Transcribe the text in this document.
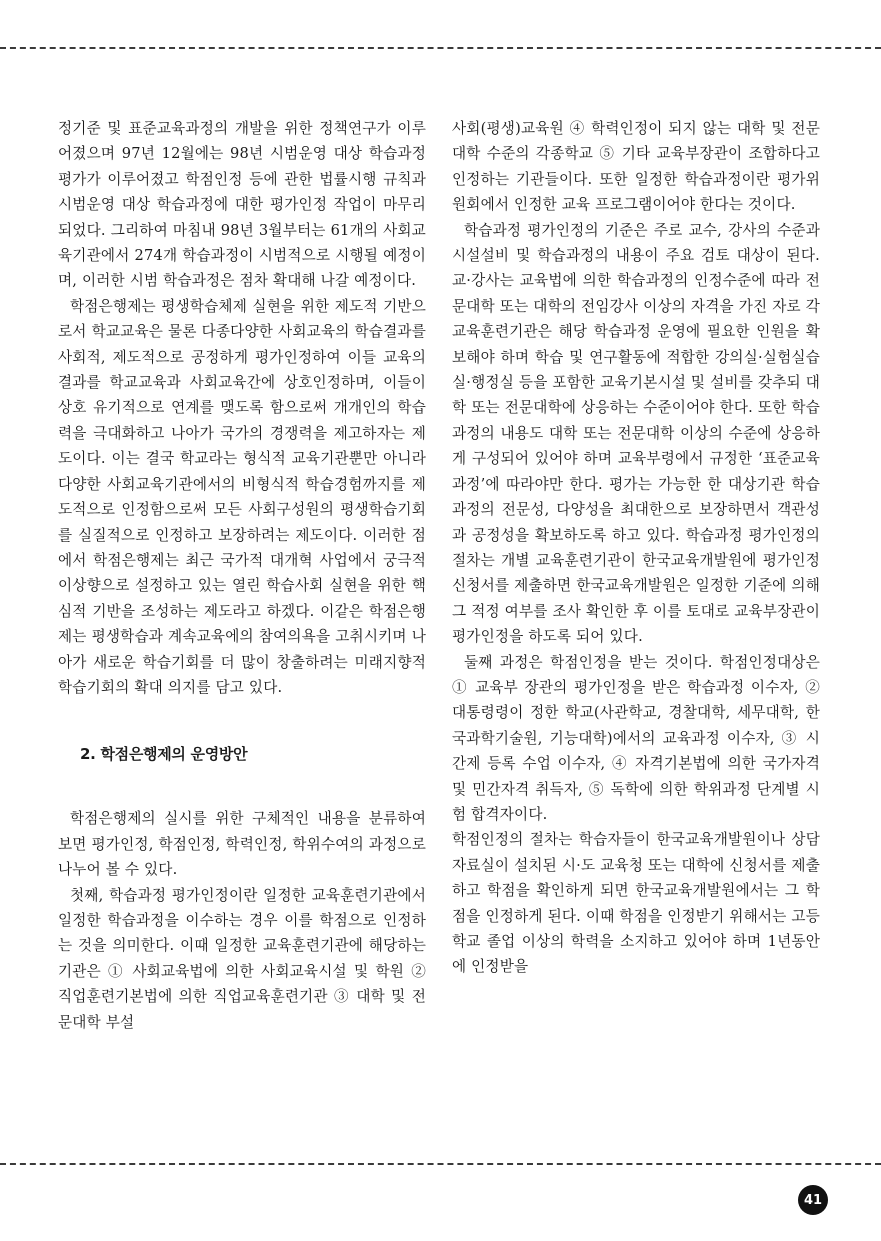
정기준 및 표준교육과정의 개발을 위한 정책연구가 이루어졌으며 97년 12월에는 98년 시범운영 대상 학습과정 평가가 이루어졌고 학점인정 등에 관한 법률시행 규칙과 시범운영 대상 학습과정에 대한 평가인정 작업이 마무리되었다. 그리하여 마침내 98년 3월부터는 61개의 사회교육기관에서 274개 학습과정이 시범적으로 시행될 예정이며, 이러한 시범 학습과정은 점차 확대해 나갈 예정이다.

학점은행제는 평생학습체제 실현을 위한 제도적 기반으로서 학교교육은 물론 다종다양한 사회교육의 학습결과를 사회적, 제도적으로 공정하게 평가인정하여 이들 교육의 결과를 학교교육과 사회교육간에 상호인정하며, 이들이 상호 유기적으로 연계를 맺도록 함으로써 개개인의 학습력을 극대화하고 나아가 국가의 경쟁력을 제고하자는 제도이다. 이는 결국 학교라는 형식적 교육기관뿐만 아니라 다양한 사회교육기관에서의 비형식적 학습경험까지를 제도적으로 인정함으로써 모든 사회구성원의 평생학습기회를 실질적으로 인정하고 보장하려는 제도이다. 이러한 점에서 학점은행제는 최근 국가적 대개혁 사업에서 궁극적 이상향으로 설정하고 있는 열린 학습사회 실현을 위한 핵심적 기반을 조성하는 제도라고 하겠다. 이같은 학점은행제는 평생학습과 계속교육에의 참여의욕을 고취시키며 나아가 새로운 학습기회를 더 많이 창출하려는 미래지향적 학습기회의 확대 의지를 담고 있다.

2. 학점은행제의 운영방안

학점은행제의 실시를 위한 구체적인 내용을 분류하여 보면 평가인정, 학점인정, 학력인정, 학위수여의 과정으로 나누어 볼 수 있다.

첫째, 학습과정 평가인정이란 일정한 교육훈련기관에서 일정한 학습과정을 이수하는 경우 이를 학점으로 인정하는 것을 의미한다. 이때 일정한 교육훈련기관에 해당하는 기관은 ① 사회교육법에 의한 사회교육시설 및 학원 ② 직업훈련기본법에 의한 직업교육훈련기관 ③ 대학 및 전문대학 부설

사회(평생)교육원 ④ 학력인정이 되지 않는 대학 및 전문대학 수준의 각종학교 ⑤ 기타 교육부장관이 조합하다고 인정하는 기관들이다. 또한 일정한 학습과정이란 평가위원회에서 인정한 교육 프로그램이어야 한다는 것이다.

학습과정 평가인정의 기준은 주로 교수, 강사의 수준과 시설설비 및 학습과정의 내용이 주요 검토 대상이 된다. 교·강사는 교육법에 의한 학습과정의 인정수준에 따라 전문대학 또는 대학의 전임강사 이상의 자격을 가진 자로 각 교육훈련기관은 해당 학습과정 운영에 필요한 인원을 확보해야 하며 학습 및 연구활동에 적합한 강의실·실험실습실·행정실 등을 포함한 교육기본시설 및 설비를 갖추되 대학 또는 전문대학에 상응하는 수준이어야 한다. 또한 학습과정의 내용도 대학 또는 전문대학 이상의 수준에 상응하게 구성되어 있어야 하며 교육부령에서 규정한 ‘표준교육과정’에 따라야만 한다. 평가는 가능한 한 대상기관 학습과정의 전문성, 다양성을 최대한으로 보장하면서 객관성과 공정성을 확보하도록 하고 있다. 학습과정 평가인정의 절차는 개별 교육훈련기관이 한국교육개발원에 평가인정 신청서를 제출하면 한국교육개발원은 일정한 기준에 의해 그 적정 여부를 조사 확인한 후 이를 토대로 교육부장관이 평가인정을 하도록 되어 있다.

둘째 과정은 학점인정을 받는 것이다. 학점인정대상은 ① 교육부 장관의 평가인정을 받은 학습과정 이수자, ② 대통령령이 정한 학교(사관학교, 경찰대학, 세무대학, 한국과학기술원, 기능대학)에서의 교육과정 이수자, ③ 시간제 등록 수업 이수자, ④ 자격기본법에 의한 국가자격 및 민간자격 취득자, ⑤ 독학에 의한 학위과정 단계별 시험 합격자이다.

학점인정의 절차는 학습자들이 한국교육개발원이나 상담자료실이 설치된 시·도 교육청 또는 대학에 신청서를 제출하고 학점을 확인하게 되면 한국교육개발원에서는 그 학점을 인정하게 된다. 이때 학점을 인정받기 위해서는 고등학교 졸업 이상의 학력을 소지하고 있어야 하며 1년동안에 인정받을

41
